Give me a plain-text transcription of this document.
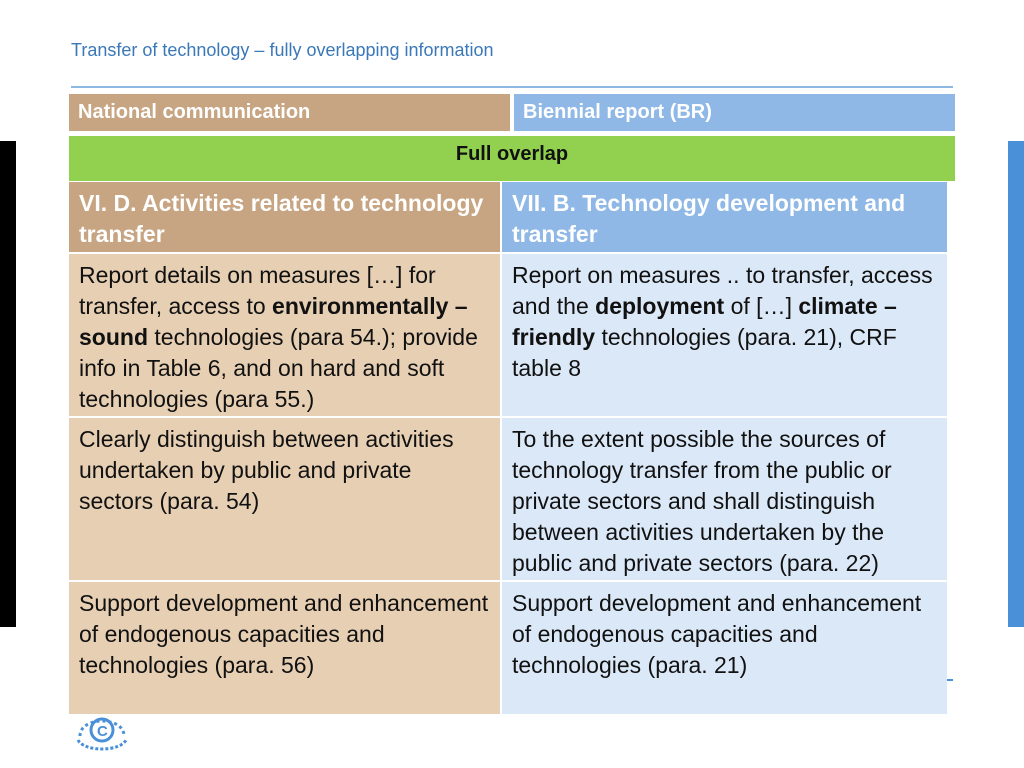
Transfer of technology – fully overlapping information
National communication	Biennial report (BR)
Full overlap
VI. D. Activities related to technology transfer
VII. B. Technology development and transfer
Report details on measures […] for transfer, access to environmentally –sound technologies (para 54.); provide info in Table 6, and on hard and soft technologies (para 55.)
Report on measures .. to transfer, access and the deployment of […] climate –friendly technologies (para. 21), CRF table 8
Clearly distinguish between activities undertaken by public and private sectors (para. 54)
To the extent possible the sources of technology transfer from the public or private sectors and shall distinguish between activities undertaken by the public and private sectors (para. 22)
Support development and enhancement of endogenous capacities and technologies (para. 56)
Support development and enhancement of endogenous capacities and technologies (para. 21)
C
